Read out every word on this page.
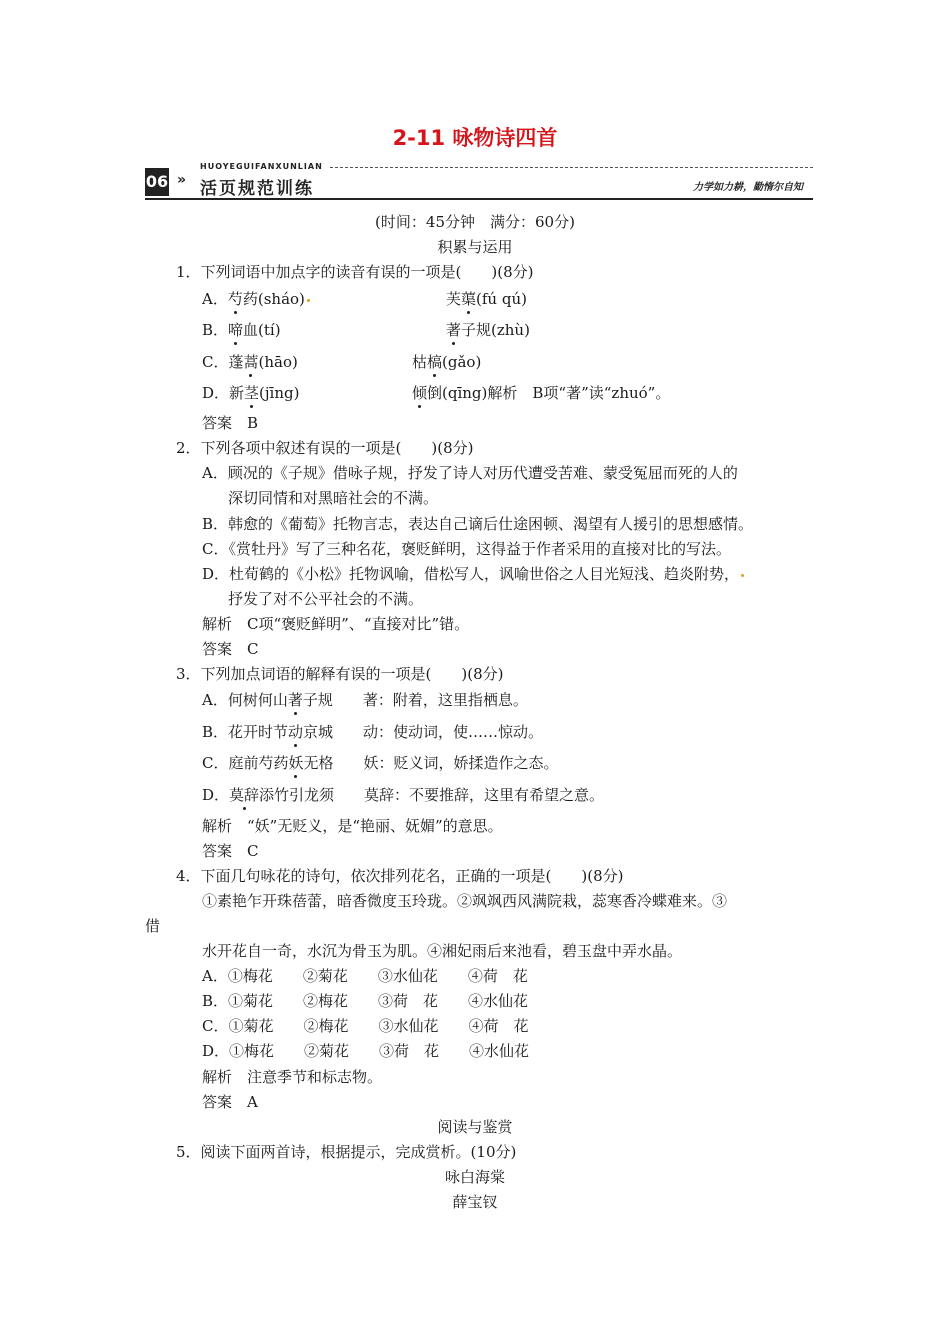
2-11 咏物诗四首
06 »
HUOYEGUIFANXUNLIAN
活页规范训练	力学如力耕，勤惰尔自知
(时间：45分钟　满分：60分)
积累与运用
1．下列词语中加点字的读音有误的一项是(　　)(8分)
A．芍药(sháo)	芙蕖(fú qú)
B．啼血(tí)	著子规(zhù)
C．蓬蒿(hāo)	枯槁(gǎo)
D．新茎(jīng)	倾倒(qīng)解析　B项“著”读“zhuó”。
答案　B
2．下列各项中叙述有误的一项是(　　)(8分)
A．顾况的《子规》借咏子规，抒发了诗人对历代遭受苦难、蒙受冤屈而死的人的
深切同情和对黑暗社会的不满。
B．韩愈的《葡萄》托物言志，表达自己谪后仕途困顿、渴望有人援引的思想感情。
C．《赏牡丹》写了三种名花，褒贬鲜明，这得益于作者采用的直接对比的写法。
D．杜荀鹤的《小松》托物讽喻，借松写人，讽喻世俗之人目光短浅、趋炎附势，
抒发了对不公平社会的不满。
解析　C项“褒贬鲜明”、“直接对比”错。
答案　C
3．下列加点词语的解释有误的一项是(　　)(8分)
A．何树何山著子规　　著：附着，这里指栖息。
B．花开时节动京城　　动：使动词，使……惊动。
C．庭前芍药妖无格　　妖：贬义词，娇揉造作之态。
D．莫辞添竹引龙须　　莫辞：不要推辞，这里有希望之意。
解析　“妖”无贬义，是“艳丽、妩媚”的意思。
答案　C
4．下面几句咏花的诗句，依次排列花名，正确的一项是(　　)(8分)
①素艳乍开珠蓓蕾，暗香微度玉玲珑。②飒飒西风满院栽，蕊寒香冷蝶难来。③
借
水开花自一奇，水沉为骨玉为肌。④湘妃雨后来池看，碧玉盘中弄水晶。
A．①梅花　　②菊花　　③水仙花　　④荷　花
B．①菊花　　②梅花　　③荷　花　　④水仙花
C．①菊花　　②梅花　　③水仙花　　④荷　花
D．①梅花　　②菊花　　③荷　花　　④水仙花
解析　注意季节和标志物。
答案　A
阅读与鉴赏
5．阅读下面两首诗，根据提示，完成赏析。(10分)
咏白海棠
薛宝钗
